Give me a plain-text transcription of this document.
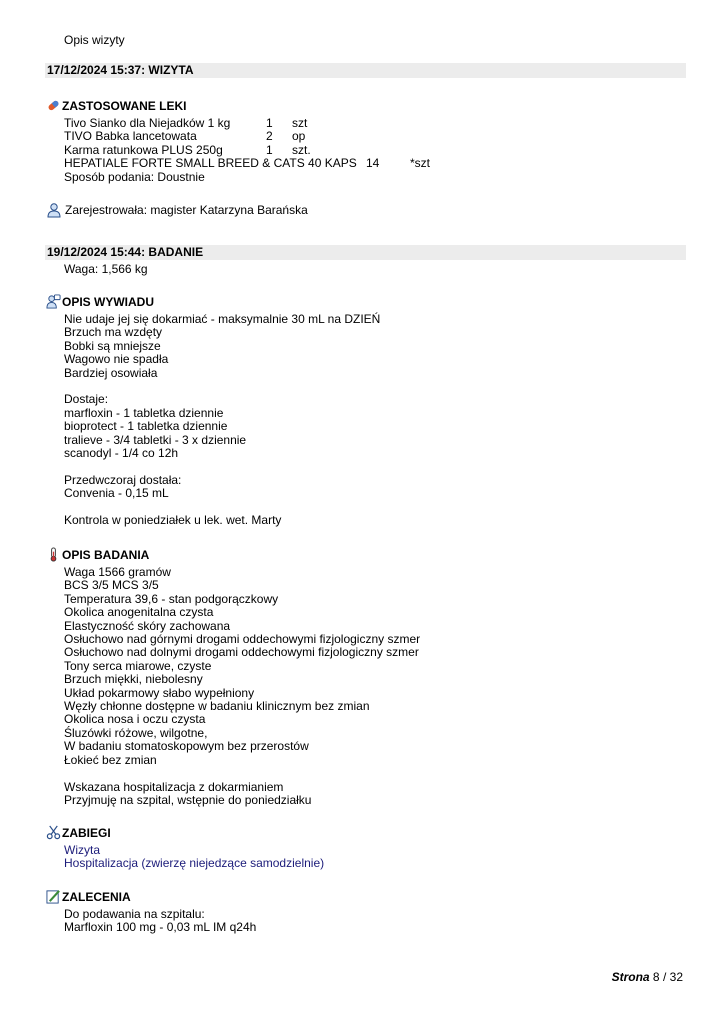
Opis wizyty
17/12/2024 15:37: WIZYTA
ZASTOSOWANE LEKI
Tivo Sianko dla Niejadków 1 kg	1 szt
TIVO Babka lancetowata	2 op
Karma ratunkowa PLUS 250g	1 szt.
HEPATIALE FORTE SMALL BREED & CATS 40 KAPS 14	*szt
Sposób podania: Doustnie
Zarejestrowała: magister Katarzyna Barańska
19/12/2024 15:44: BADANIE
Waga: 1,566 kg
OPIS WYWIADU
Nie udaje jej się dokarmiać - maksymalnie 30 mL na DZIEŃ
Brzuch ma wzdęty
Bobki są mniejsze
Wagowo nie spadła
Bardziej osowiała

Dostaje:
marfloxin - 1 tabletka dziennie
bioprotect - 1 tabletka dziennie
tralieve - 3/4 tabletki - 3 x dziennie
scanodyl - 1/4 co 12h

Przedwczoraj dostała:
Convenia - 0,15 mL

Kontrola w poniedziałek u lek. wet. Marty
OPIS BADANIA
Waga 1566 gramów
BCS 3/5 MCS 3/5
Temperatura 39,6 - stan podgorączkowy
Okolica anogenitalna czysta
Elastyczność skóry zachowana
Osłuchowo nad górnymi drogami oddechowymi fizjologiczny szmer
Osłuchowo nad dolnymi drogami oddechowymi fizjologiczny szmer
Tony serca miarowe, czyste
Brzuch miękki, niebolesny
Układ pokarmowy słabo wypełniony
Węzły chłonne dostępne w badaniu klinicznym bez zmian
Okolica nosa i oczu czysta
Śluzówki różowe, wilgotne,
W badaniu stomatoskopowym bez przerostów
Łokieć bez zmian

Wskazana hospitalizacja z dokarmianiem
Przyjmuję na szpital, wstępnie do poniedziałku
ZABIEGI
Wizyta
Hospitalizacja (zwierzę niejedzące samodzielnie)
ZALECENIA
Do podawania na szpitalu:
Marfloxin 100 mg - 0,03 mL IM q24h
Strona 8 / 32
